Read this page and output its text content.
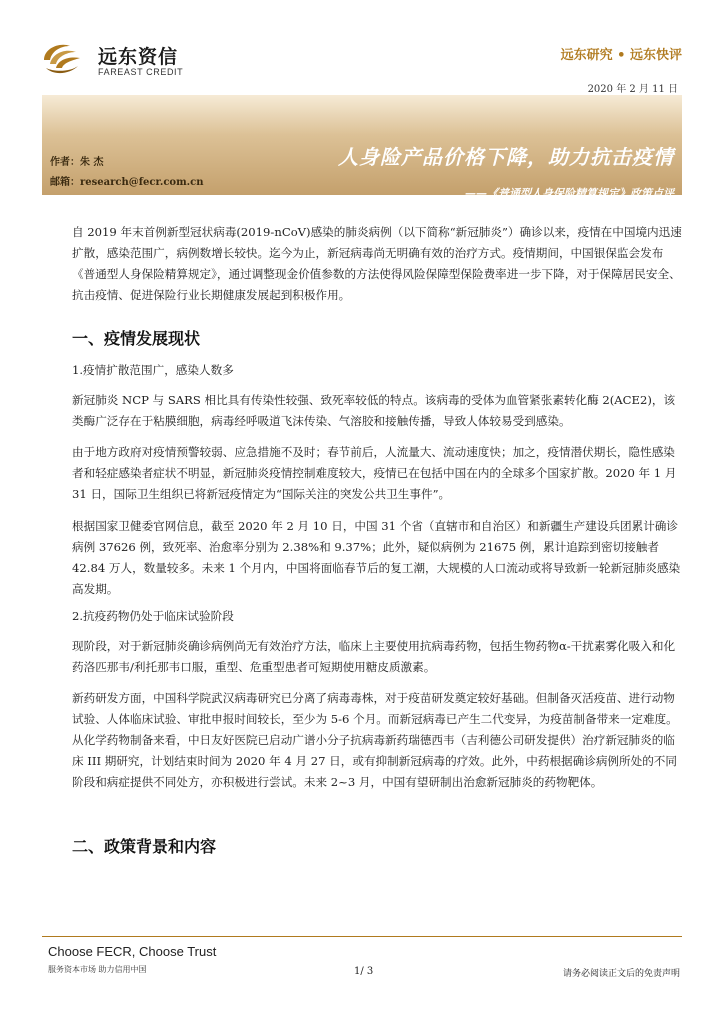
远东资信
FAREAST CREDIT
远东研究 • 远东快评
2020 年 2 月 11 日
作者：朱 杰
邮箱：research@fecr.com.cn
人身险产品价格下降，助力抗击疫情
——《普通型人身保险精算规定》政策点评

自 2019 年末首例新型冠状病毒(2019-nCoV)感染的肺炎病例（以下简称“新冠肺炎”）确诊以来，疫情在中国境内迅速扩散，感染范围广，病例数增长较快。迄今为止，新冠病毒尚无明确有效的治疗方式。疫情期间，中国银保监会发布《普通型人身保险精算规定》，通过调整现金价值参数的方法使得风险保障型保险费率进一步下降，对于保障居民安全、抗击疫情、促进保险行业长期健康发展起到积极作用。

一、疫情发展现状
1.疫情扩散范围广，感染人数多

新冠肺炎 NCP 与 SARS 相比具有传染性较强、致死率较低的特点。该病毒的受体为血管紧张素转化酶 2(ACE2)，该类酶广泛存在于粘膜细胞，病毒经呼吸道飞沫传染、气溶胶和接触传播，导致人体较易受到感染。

由于地方政府对疫情预警较弱、应急措施不及时；春节前后，人流量大、流动速度快；加之，疫情潜伏期长，隐性感染者和轻症感染者症状不明显，新冠肺炎疫情控制难度较大，疫情已在包括中国在内的全球多个国家扩散。2020 年 1 月 31 日，国际卫生组织已将新冠疫情定为“国际关注的突发公共卫生事件”。

根据国家卫健委官网信息，截至 2020 年 2 月 10 日，中国 31 个省（直辖市和自治区）和新疆生产建设兵团累计确诊病例 37626 例，致死率、治愈率分别为 2.38%和 9.37%；此外，疑似病例为 21675 例，累计追踪到密切接触者 42.84 万人，数量较多。未来 1 个月内，中国将面临春节后的复工潮，大规模的人口流动或将导致新一轮新冠肺炎感染高发期。

2.抗疫药物仍处于临床试验阶段

现阶段，对于新冠肺炎确诊病例尚无有效治疗方法，临床上主要使用抗病毒药物，包括生物药物α-干扰素雾化吸入和化药洛匹那韦/利托那韦口服，重型、危重型患者可短期使用糖皮质激素。

新药研发方面，中国科学院武汉病毒研究已分离了病毒毒株，对于疫苗研发奠定较好基础。但制备灭活疫苗、进行动物试验、人体临床试验、审批申报时间较长，至少为 5-6 个月。而新冠病毒已产生二代变异，为疫苗制备带来一定难度。从化学药物制备来看，中日友好医院已启动广谱小分子抗病毒新药瑞德西韦（吉利德公司研发提供）治疗新冠肺炎的临床 III 期研究，计划结束时间为 2020 年 4 月 27 日，或有抑制新冠病毒的疗效。此外，中药根据确诊病例所处的不同阶段和病症提供不同处方，亦积极进行尝试。未来 2~3 月，中国有望研制出治愈新冠肺炎的药物靶体。

二、政策背景和内容
Choose FECR, Choose Trust
服务资本市场 助力信用中国	1/ 3	请务必阅读正文后的免责声明
